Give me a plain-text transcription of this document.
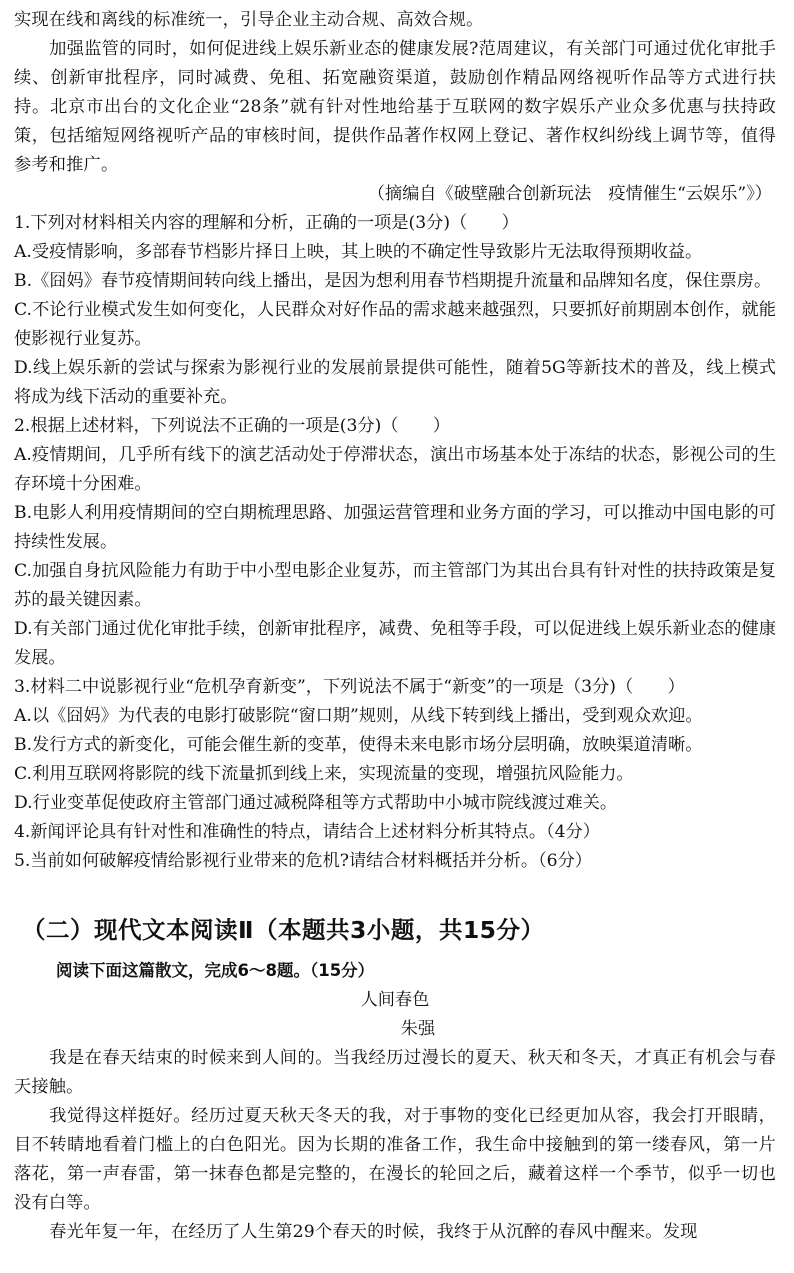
实现在线和离线的标准统一，引导企业主动合规、高效合规。

加强监管的同时，如何促进线上娱乐新业态的健康发展?范周建议，有关部门可通过优化审批手续、创新审批程序，同时减费、免租、拓宽融资渠道，鼓励创作精品网络视听作品等方式进行扶持。北京市出台的文化企业“28条”就有针对性地给基于互联网的数字娱乐产业众多优惠与扶持政策，包括缩短网络视听产品的审核时间，提供作品著作权网上登记、著作权纠纷线上调节等，值得参考和推广。

（摘编自《破壁融合创新玩法　疫情催生“云娱乐”》）

1.下列对材料相关内容的理解和分析，正确的一项是(3分)（　　）

A.受疫情影响，多部春节档影片择日上映，其上映的不确定性导致影片无法取得预期收益。

B.《囧妈》春节疫情期间转向线上播出，是因为想利用春节档期提升流量和品牌知名度，保住票房。

C.不论行业模式发生如何变化，人民群众对好作品的需求越来越强烈，只要抓好前期剧本创作，就能使影视行业复苏。

D.线上娱乐新的尝试与探索为影视行业的发展前景提供可能性，随着5G等新技术的普及，线上模式将成为线下活动的重要补充。

2.根据上述材料，下列说法不正确的一项是(3分)（　　）

A.疫情期间，几乎所有线下的演艺活动处于停滞状态，演出市场基本处于冻结的状态，影视公司的生存环境十分困难。

B.电影人利用疫情期间的空白期梳理思路、加强运营管理和业务方面的学习，可以推动中国电影的可持续性发展。

C.加强自身抗风险能力有助于中小型电影企业复苏，而主管部门为其出台具有针对性的扶持政策是复苏的最关键因素。

D.有关部门通过优化审批手续，创新审批程序，减费、免租等手段，可以促进线上娱乐新业态的健康发展。

3.材料二中说影视行业“危机孕育新变”，下列说法不属于“新变”的一项是（3分)（　　）

A.以《囧妈》为代表的电影打破影院“窗口期”规则，从线下转到线上播出，受到观众欢迎。

B.发行方式的新变化，可能会催生新的变革，使得未来电影市场分层明确，放映渠道清晰。

C.利用互联网将影院的线下流量抓到线上来，实现流量的变现，增强抗风险能力。

D.行业变革促使政府主管部门通过减税降租等方式帮助中小城市院线渡过难关。

4.新闻评论具有针对性和准确性的特点，请结合上述材料分析其特点。（4分）

5.当前如何破解疫情给影视行业带来的危机?请结合材料概括并分析。（6分）

（二）现代文本阅读Ⅱ（本题共3小题，共15分）

阅读下面这篇散文，完成6～8题。（15分）

人间春色

朱强

我是在春天结束的时候来到人间的。当我经历过漫长的夏天、秋天和冬天，才真正有机会与春天接触。

我觉得这样挺好。经历过夏天秋天冬天的我，对于事物的变化已经更加从容，我会打开眼睛，目不转睛地看着门槛上的白色阳光。因为长期的准备工作，我生命中接触到的第一缕春风，第一片落花，第一声春雷，第一抹春色都是完整的，在漫长的轮回之后，藏着这样一个季节，似乎一切也没有白等。

春光年复一年，在经历了人生第29个春天的时候，我终于从沉醉的春风中醒来。发现
